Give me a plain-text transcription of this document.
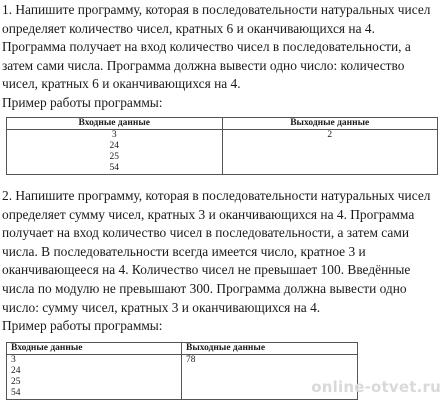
1. Напишите программу, которая в последовательности натуральных чисел

определяет количество чисел, кратных 6 и оканчивающихся на 4.

Программа получает на вход количество чисел в последовательности, а

затем сами числа. Программа должна вывести одно число: количество

чисел, кратных 6 и оканчивающихся на 4.

Пример работы программы:

Входные данные	Выходные данные

3
24
25
54	2

2. Напишите программу, которая в последовательности натуральных чисел

определяет сумму чисел, кратных 3 и оканчивающихся на 4. Программа

получает на вход количество чисел в последовательности, а затем сами

числа. В последовательности всегда имеется число, кратное 3 и

оканчивающееся на 4. Количество чисел не превышает 100. Введённые

числа по модулю не превышают 300. Программа должна вывести одно

число: сумму чисел, кратных 3 и оканчивающихся на 4.

Пример работы программы:

Входные данные	Выходные данные

3
24
25
54	78
online-otvet.ru
